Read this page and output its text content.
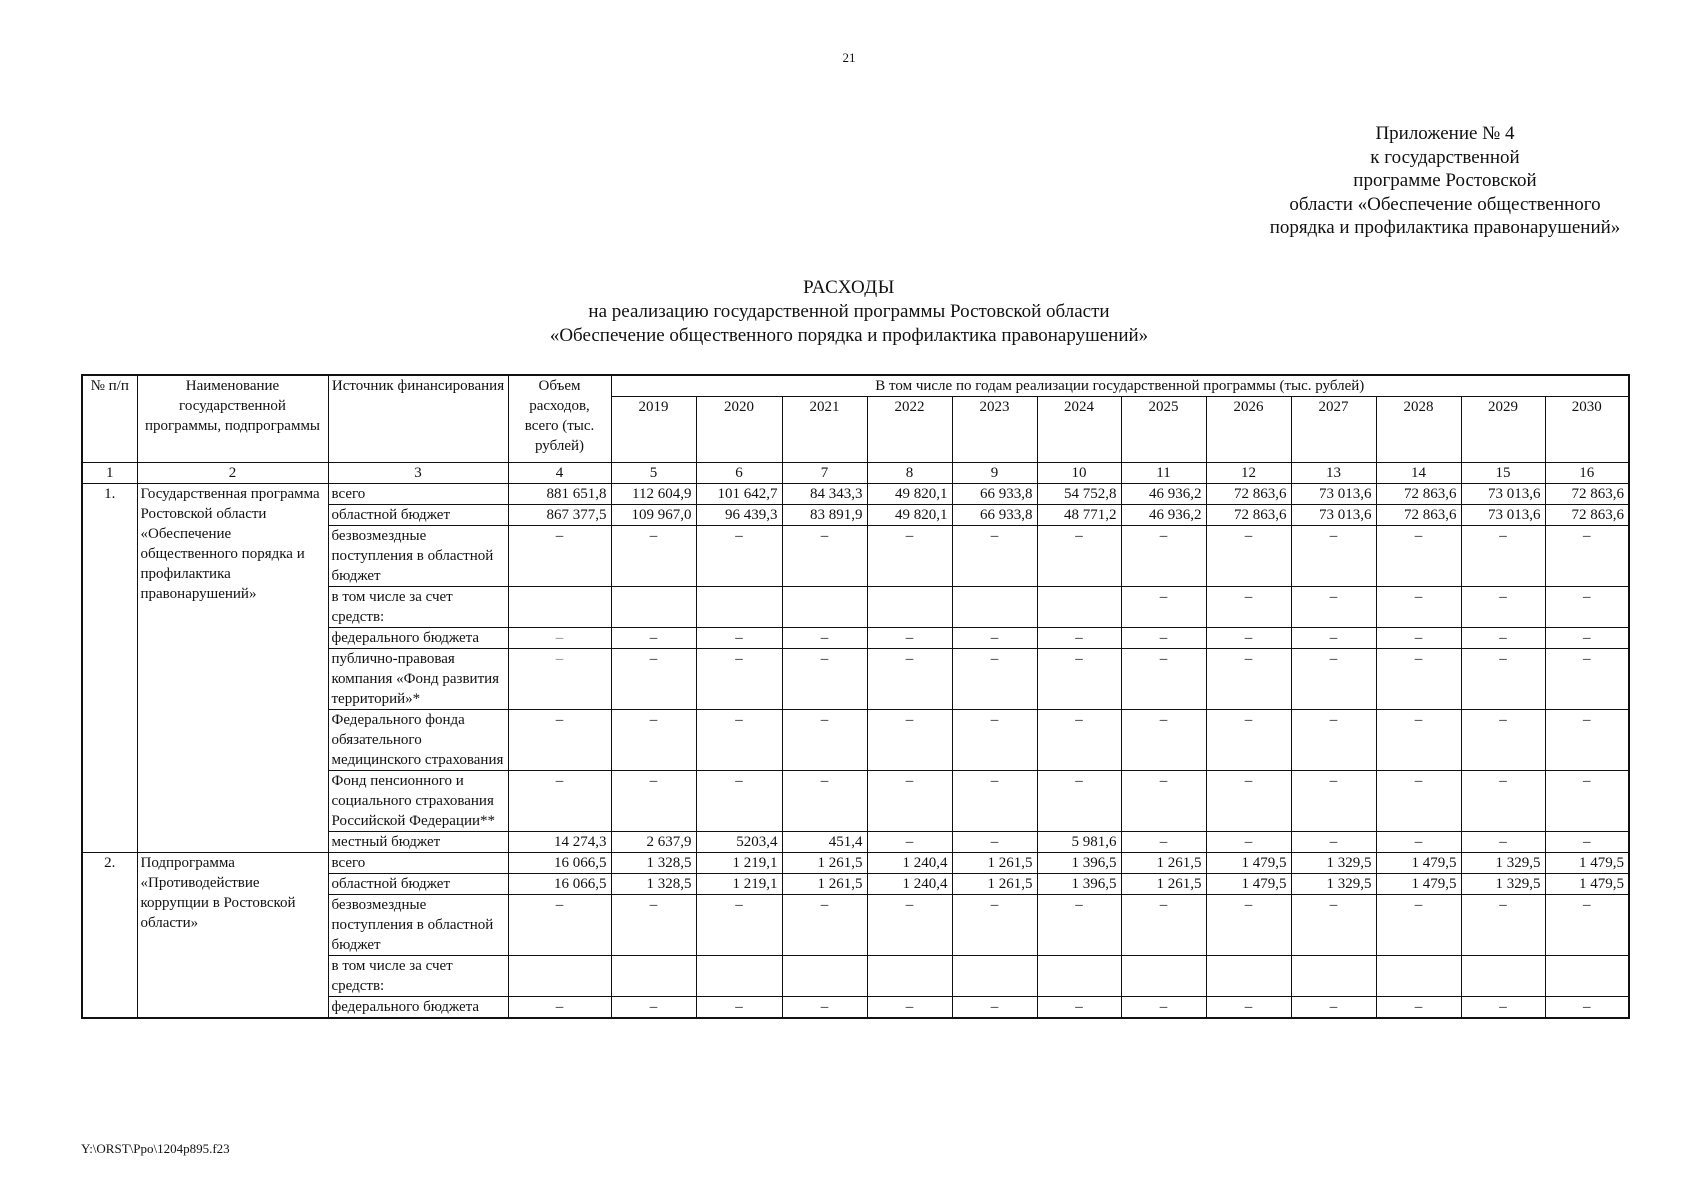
21
Приложение № 4
к государственной
программе Ростовской
области «Обеспечение общественного
порядка и профилактика правонарушений»
РАСХОДЫ
на реализацию государственной программы Ростовской области
«Обеспечение общественного порядка и профилактика правонарушений»
№ п/п	Наименование государственной программы, подпрограммы	Источник финансирования	Объем расходов, всего (тыс. рублей)	В том числе по годам реализации государственной программы (тыс. рублей)											
				2019	2020	2021	2022	2023	2024	2025	2026	2027	2028	2029	2030
1	2	3	4	5	6	7	8	9	10	11	12	13	14	15	16
1.	Государственная программа Ростовской области «Обеспечение общественного порядка и профилактика правонарушений»	всего	881 651,8	112 604,9	101 642,7	84 343,3	49 820,1	66 933,8	54 752,8	46 936,2	72 863,6	73 013,6	72 863,6	73 013,6	72 863,6
		областной бюджет	867 377,5	109 967,0	96 439,3	83 891,9	49 820,1	66 933,8	48 771,2	46 936,2	72 863,6	73 013,6	72 863,6	73 013,6	72 863,6
		безвозмездные поступления в областной бюджет	–	–	–	–	–	–	–	–	–	–	–	–	–
		в том числе за счет средств:								–	–	–	–	–	–
		федерального бюджета	–	–	–	–	–	–	–	–	–	–	–	–	–
		публично-правовая компания «Фонд развития территорий»*	–	–	–	–	–	–	–	–	–	–	–	–	–
		Федерального фонда обязательного медицинского страхования	–	–	–	–	–	–	–	–	–	–	–	–	–
		Фонд пенсионного и социального страхования Российской Федерации**	–	–	–	–	–	–	–	–	–	–	–	–	–
		местный бюджет	14 274,3	2 637,9	5203,4	451,4	–	–	5 981,6	–	–	–	–	–	–
2.	Подпрограмма «Противодействие коррупции в Ростовской области»	всего	16 066,5	1 328,5	1 219,1	1 261,5	1 240,4	1 261,5	1 396,5	1 261,5	1 479,5	1 329,5	1 479,5	1 329,5	1 479,5
		областной бюджет	16 066,5	1 328,5	1 219,1	1 261,5	1 240,4	1 261,5	1 396,5	1 261,5	1 479,5	1 329,5	1 479,5	1 329,5	1 479,5
		безвозмездные поступления в областной бюджет	–	–	–	–	–	–	–	–	–	–	–	–	–
		в том числе за счет средств:													
		федерального бюджета	–	–	–	–	–	–	–	–	–	–	–	–	–
Y:\ORST\Ppo\1204p895.f23
